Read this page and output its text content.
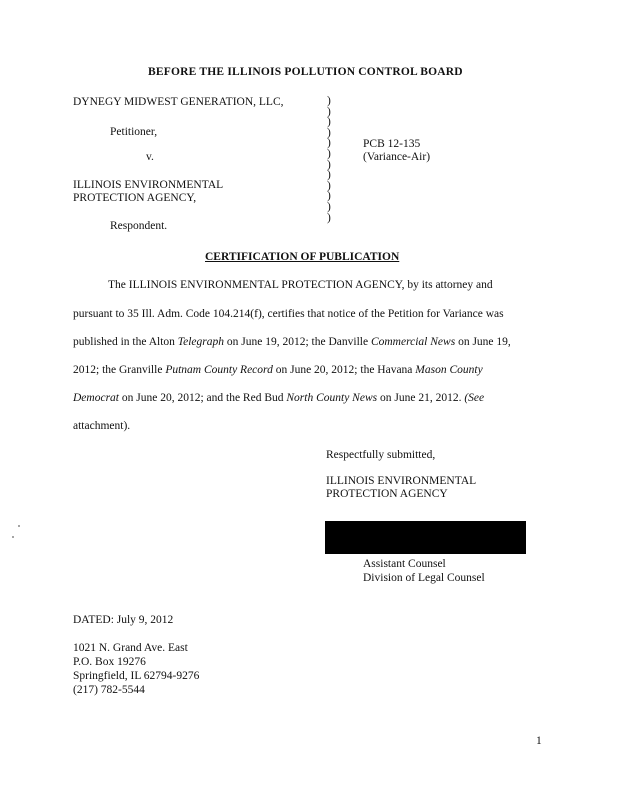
BEFORE THE ILLINOIS POLLUTION CONTROL BOARD
DYNEGY MIDWEST GENERATION, LLC,
Petitioner,
v.
ILLINOIS ENVIRONMENTAL
PROTECTION AGENCY,
Respondent.
)
)
)
)
)
)
)
)
)
)
)
)
PCB 12-135
(Variance-Air)
CERTIFICATION OF PUBLICATION
The ILLINOIS ENVIRONMENTAL PROTECTION AGENCY, by its attorney and
pursuant to 35 Ill. Adm. Code 104.214(f), certifies that notice of the Petition for Variance was
published in the Alton Telegraph on June 19, 2012; the Danville Commercial News on June 19,
2012; the Granville Putnam County Record on June 20, 2012; the Havana Mason County
Democrat on June 20, 2012; and the Red Bud North County News on June 21, 2012. (See
attachment).
Respectfully submitted,
ILLINOIS ENVIRONMENTAL
PROTECTION AGENCY
Assistant Counsel
Division of Legal Counsel
DATED: July 9, 2012
1021 N. Grand Ave. East
P.O. Box 19276
Springfield, IL 62794-9276
(217) 782-5544
1
